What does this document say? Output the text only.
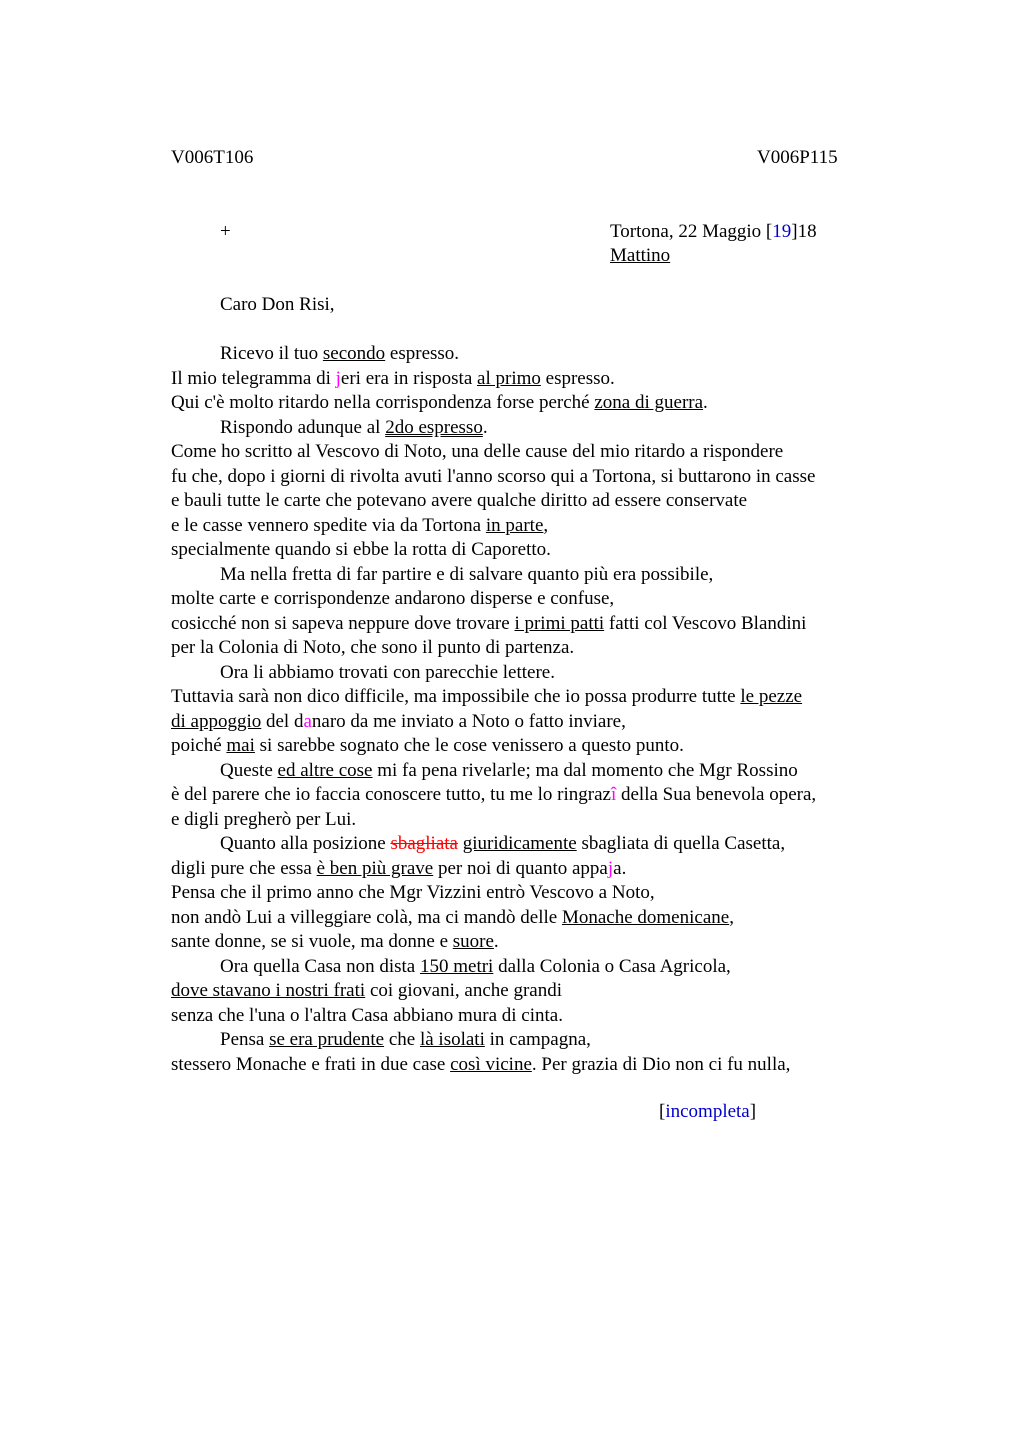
V006T106	V006P115
+	Tortona, 22 Maggio [19]18
Mattino
Caro Don Risi,
Ricevo il tuo secondo espresso.
Il mio telegramma di jeri era in risposta al primo espresso.
Qui c'è molto ritardo nella corrispondenza forse perché zona di guerra.
Rispondo adunque al 2do espresso.
Come ho scritto al Vescovo di Noto, una delle cause del mio ritardo a rispondere
fu che, dopo i giorni di rivolta avuti l'anno scorso qui a Tortona, si buttarono in casse
e bauli tutte le carte che potevano avere qualche diritto ad essere conservate
e le casse vennero spedite via da Tortona in parte,
specialmente quando si ebbe la rotta di Caporetto.
Ma nella fretta di far partire e di salvare quanto più era possibile,
molte carte e corrispondenze andarono disperse e confuse,
cosicché non si sapeva neppure dove trovare i primi patti fatti col Vescovo Blandini
per la Colonia di Noto, che sono il punto di partenza.
Ora li abbiamo trovati con parecchie lettere.
Tuttavia sarà non dico difficile, ma impossibile che io possa produrre tutte le pezze
di appoggio del danaro da me inviato a Noto o fatto inviare,
poiché mai si sarebbe sognato che le cose venissero a questo punto.
Queste ed altre cose mi fa pena rivelarle; ma dal momento che Mgr Rossino
è del parere che io faccia conoscere tutto, tu me lo ringrazî della Sua benevola opera,
e digli pregherò per Lui.
Quanto alla posizione sbagliata giuridicamente sbagliata di quella Casetta,
digli pure che essa è ben più grave per noi di quanto appaja.
Pensa che il primo anno che Mgr Vizzini entrò Vescovo a Noto,
non andò Lui a villeggiare colà, ma ci mandò delle Monache domenicane,
sante donne, se si vuole, ma donne e suore.
Ora quella Casa non dista 150 metri dalla Colonia o Casa Agricola,
dove stavano i nostri frati coi giovani, anche grandi
senza che l'una o l'altra Casa abbiano mura di cinta.
Pensa se era prudente che là isolati in campagna,
stessero Monache e frati in due case così vicine. Per grazia di Dio non ci fu nulla,
[incompleta]
